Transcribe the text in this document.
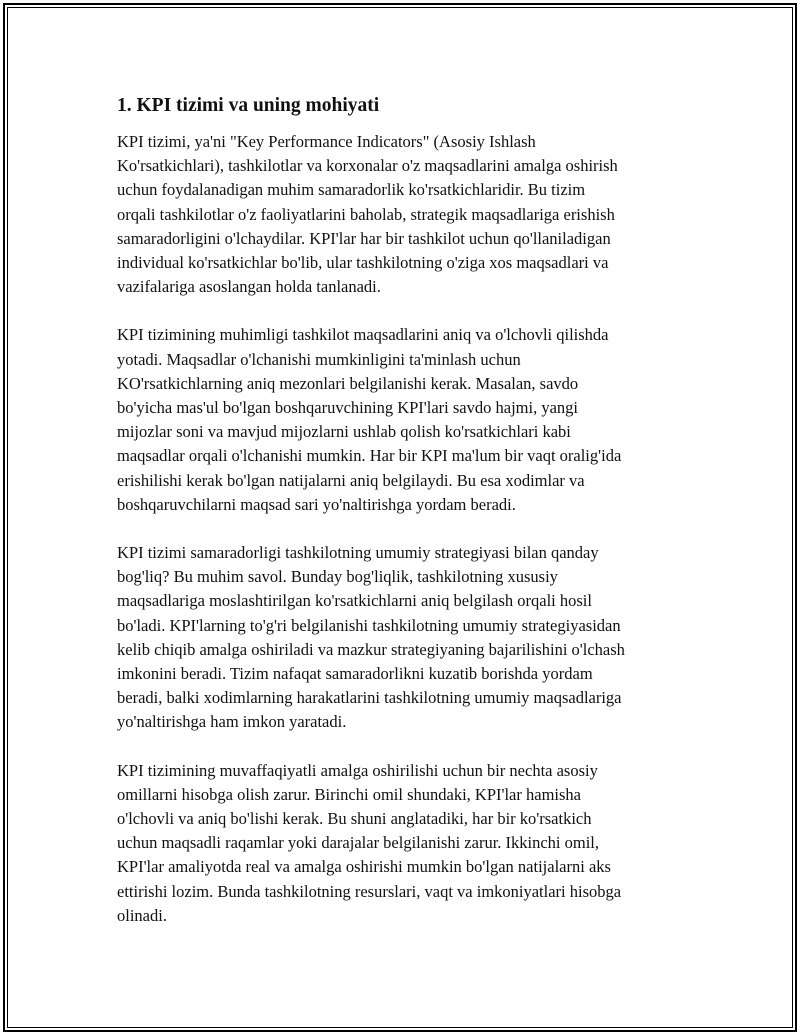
1. KPI tizimi va uning mohiyati

KPI tizimi, ya'ni "Key Performance Indicators" (Asosiy Ishlash
Ko'rsatkichlari), tashkilotlar va korxonalar o'z maqsadlarini amalga oshirish
uchun foydalanadigan muhim samaradorlik ko'rsatkichlaridir. Bu tizim
orqali tashkilotlar o'z faoliyatlarini baholab, strategik maqsadlariga erishish
samaradorligini o'lchaydilar. KPI'lar har bir tashkilot uchun qo'llaniladigan
individual ko'rsatkichlar bo'lib, ular tashkilotning o'ziga xos maqsadlari va
vazifalariga asoslangan holda tanlanadi.

KPI tizimining muhimligi tashkilot maqsadlarini aniq va o'lchovli qilishda
yotadi. Maqsadlar o'lchanishi mumkinligini ta'minlash uchun
KO'rsatkichlarning aniq mezonlari belgilanishi kerak. Masalan, savdo
bo'yicha mas'ul bo'lgan boshqaruvchining KPI'lari savdo hajmi, yangi
mijozlar soni va mavjud mijozlarni ushlab qolish ko'rsatkichlari kabi
maqsadlar orqali o'lchanishi mumkin. Har bir KPI ma'lum bir vaqt oralig'ida
erishilishi kerak bo'lgan natijalarni aniq belgilaydi. Bu esa xodimlar va
boshqaruvchilarni maqsad sari yo'naltirishga yordam beradi.

KPI tizimi samaradorligi tashkilotning umumiy strategiyasi bilan qanday
bog'liq? Bu muhim savol. Bunday bog'liqlik, tashkilotning xususiy
maqsadlariga moslashtirilgan ko'rsatkichlarni aniq belgilash orqali hosil
bo'ladi. KPI'larning to'g'ri belgilanishi tashkilotning umumiy strategiyasidan
kelib chiqib amalga oshiriladi va mazkur strategiyaning bajarilishini o'lchash
imkonini beradi. Tizim nafaqat samaradorlikni kuzatib borishda yordam
beradi, balki xodimlarning harakatlarini tashkilotning umumiy maqsadlariga
yo'naltirishga ham imkon yaratadi.

KPI tizimining muvaffaqiyatli amalga oshirilishi uchun bir nechta asosiy
omillarni hisobga olish zarur. Birinchi omil shundaki, KPI'lar hamisha
o'lchovli va aniq bo'lishi kerak. Bu shuni anglatadiki, har bir ko'rsatkich
uchun maqsadli raqamlar yoki darajalar belgilanishi zarur. Ikkinchi omil,
KPI'lar amaliyotda real va amalga oshirishi mumkin bo'lgan natijalarni aks
ettirishi lozim. Bunda tashkilotning resurslari, vaqt va imkoniyatlari hisobga
olinadi.
